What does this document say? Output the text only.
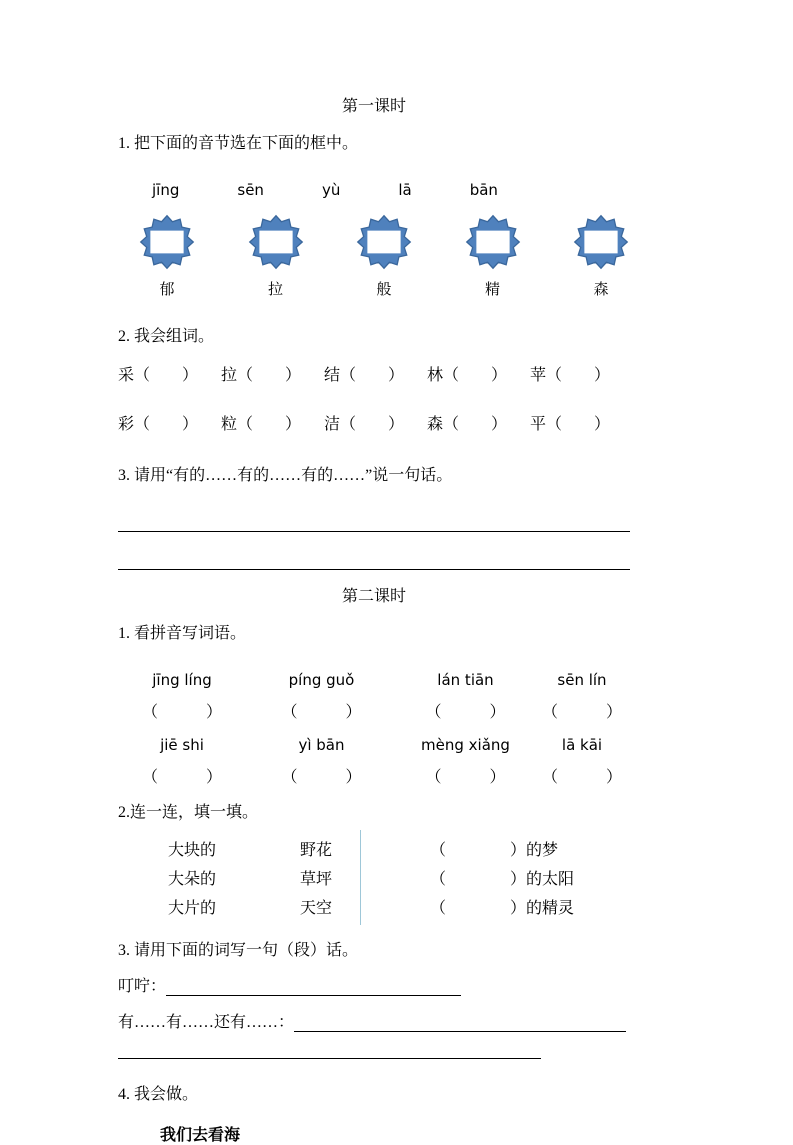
第一课时

1. 把下面的音节选在下面的框中。

jīng	sēn	yù	lā	bān
郁	拉	般	精	森

2. 我会组词。

采（　　） 拉（　　） 结（　　） 林（　　） 苹（　　）
彩（　　） 粒（　　） 洁（　　） 森（　　） 平（　　）

3. 请用“有的……有的……有的……”说一句话。

第二课时

1. 看拼音写词语。

jīng líng	píng guǒ	lán tiān	sēn lín
（　　　）	（　　　）	（　　　）	（　　　）
jiē shi	yì bān	mèng xiǎng	lā kāi
（　　　）	（　　　）	（　　　）	（　　　）

2.连一连，填一填。

大块的	野花	（　　　　）的梦
大朵的	草坪	（　　　　）的太阳
大片的	天空	（　　　　）的精灵

3. 请用下面的词写一句（段）话。

叮咛：
有……有……还有……：

4. 我会做。

我们去看海
